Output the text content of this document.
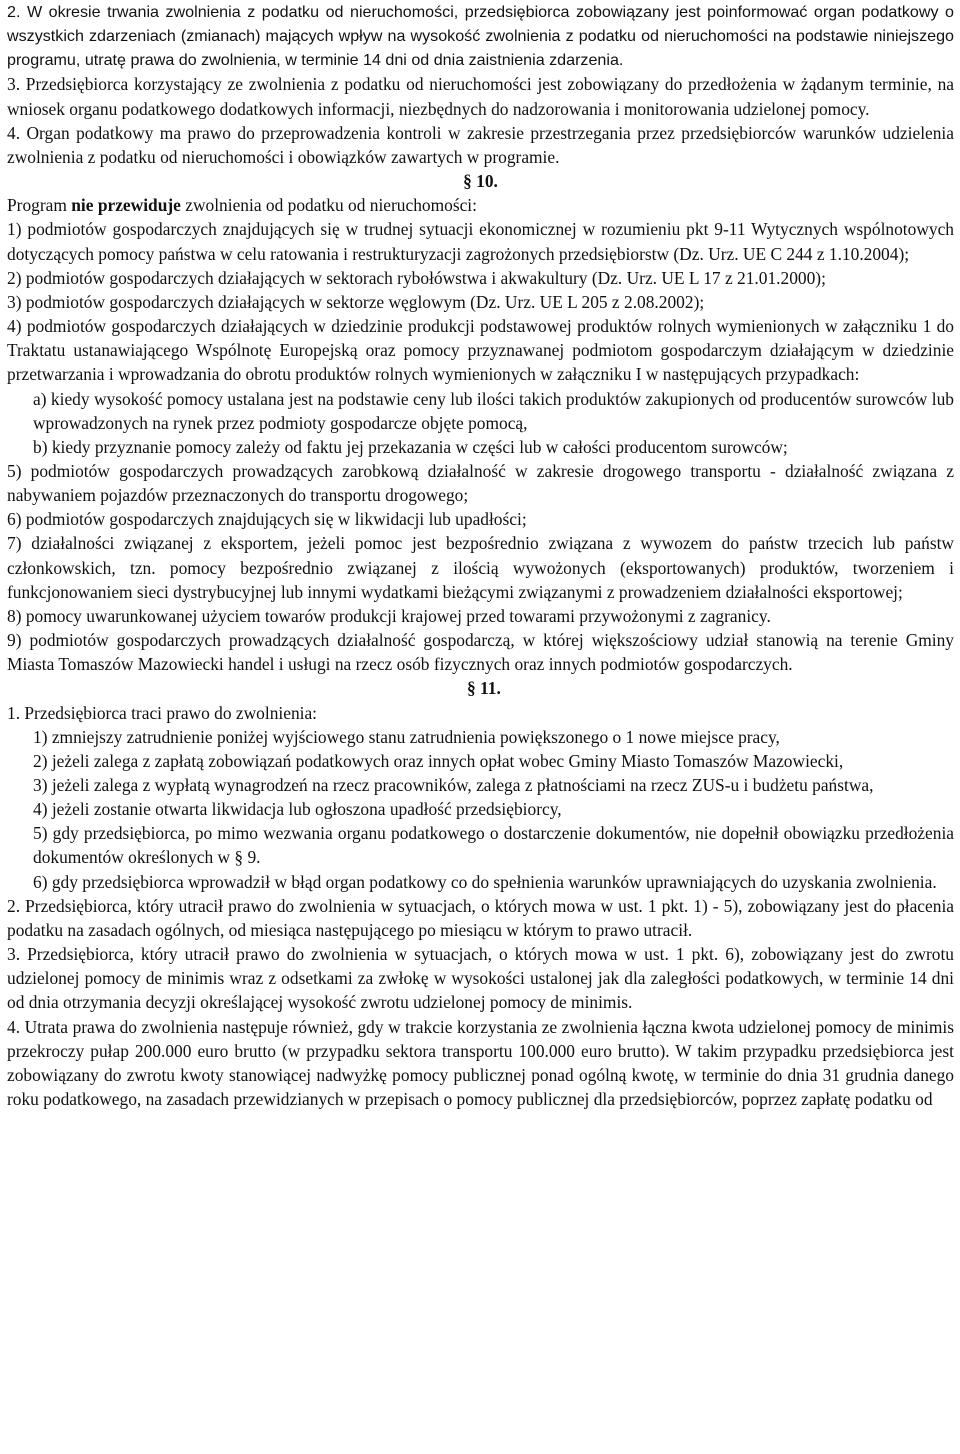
2. W okresie trwania zwolnienia z podatku od nieruchomości, przedsiębiorca zobowiązany jest poinformować organ podatkowy o wszystkich zdarzeniach (zmianach) mających wpływ na wysokość zwolnienia z podatku od nieruchomości na podstawie niniejszego programu, utratę prawa do zwolnienia, w terminie 14 dni od dnia zaistnienia zdarzenia.

3. Przedsiębiorca korzystający ze zwolnienia z podatku od nieruchomości jest zobowiązany do przedłożenia w żądanym terminie, na wniosek organu podatkowego dodatkowych informacji, niezbędnych do nadzorowania i monitorowania udzielonej pomocy.

4. Organ podatkowy ma prawo do przeprowadzenia kontroli w zakresie przestrzegania przez przedsiębiorców warunków udzielenia zwolnienia z podatku od nieruchomości i obowiązków zawartych w programie.

§ 10.

Program nie przewiduje zwolnienia od podatku od nieruchomości:

1) podmiotów gospodarczych znajdujących się w trudnej sytuacji ekonomicznej w rozumieniu pkt 9-11 Wytycznych wspólnotowych dotyczących pomocy państwa w celu ratowania i restrukturyzacji zagrożonych przedsiębiorstw (Dz. Urz. UE C 244 z 1.10.2004);

2) podmiotów gospodarczych działających w sektorach rybołówstwa i akwakultury (Dz. Urz. UE L 17 z 21.01.2000);

3) podmiotów gospodarczych działających w sektorze węglowym (Dz. Urz. UE L 205 z 2.08.2002);

4) podmiotów gospodarczych działających w dziedzinie produkcji podstawowej produktów rolnych wymienionych w załączniku 1 do Traktatu ustanawiającego Wspólnotę Europejską oraz pomocy przyznawanej podmiotom gospodarczym działającym w dziedzinie przetwarzania i wprowadzania do obrotu produktów rolnych wymienionych w załączniku I w następujących przypadkach:

a) kiedy wysokość pomocy ustalana jest na podstawie ceny lub ilości takich produktów zakupionych od producentów surowców lub wprowadzonych na rynek przez podmioty gospodarcze objęte pomocą,

b) kiedy przyznanie pomocy zależy od faktu jej przekazania w części lub w całości producentom surowców;

5) podmiotów gospodarczych prowadzących zarobkową działalność w zakresie drogowego transportu - działalność związana z nabywaniem pojazdów przeznaczonych do transportu drogowego;

6) podmiotów gospodarczych znajdujących się w likwidacji lub upadłości;

7) działalności związanej z eksportem, jeżeli pomoc jest bezpośrednio związana z wywozem do państw trzecich lub państw członkowskich, tzn. pomocy bezpośrednio związanej z ilością wywożonych (eksportowanych) produktów, tworzeniem i funkcjonowaniem sieci dystrybucyjnej lub innymi wydatkami bieżącymi związanymi z prowadzeniem działalności eksportowej;

8) pomocy uwarunkowanej użyciem towarów produkcji krajowej przed towarami przywożonymi z zagranicy.

9) podmiotów gospodarczych prowadzących działalność gospodarczą, w której większościowy udział stanowią na terenie Gminy Miasta Tomaszów Mazowiecki handel i usługi na rzecz osób fizycznych oraz innych podmiotów gospodarczych.

§ 11.

1. Przedsiębiorca traci prawo do zwolnienia:

1) zmniejszy zatrudnienie poniżej wyjściowego stanu zatrudnienia powiększonego o 1 nowe miejsce pracy,

2) jeżeli zalega z zapłatą zobowiązań podatkowych oraz innych opłat wobec Gminy Miasto Tomaszów Mazowiecki,

3) jeżeli zalega z wypłatą wynagrodzeń na rzecz pracowników, zalega z płatnościami na rzecz ZUS-u i budżetu państwa,

4) jeżeli zostanie otwarta likwidacja lub ogłoszona upadłość przedsiębiorcy,

5) gdy przedsiębiorca, po mimo wezwania organu podatkowego o dostarczenie dokumentów, nie dopełnił obowiązku przedłożenia dokumentów określonych w § 9.

6) gdy przedsiębiorca wprowadził w błąd organ podatkowy co do spełnienia warunków uprawniających do uzyskania zwolnienia.

2. Przedsiębiorca, który utracił prawo do zwolnienia w sytuacjach, o których mowa w ust. 1 pkt. 1) - 5), zobowiązany jest do płacenia podatku na zasadach ogólnych, od miesiąca następującego po miesiącu w którym to prawo utracił.

3. Przedsiębiorca, który utracił prawo do zwolnienia w sytuacjach, o których mowa w ust. 1 pkt. 6), zobowiązany jest do zwrotu udzielonej pomocy de minimis wraz z odsetkami za zwłokę w wysokości ustalonej jak dla zaległości podatkowych, w terminie 14 dni od dnia otrzymania decyzji określającej wysokość zwrotu udzielonej pomocy de minimis.

4. Utrata prawa do zwolnienia następuje również, gdy w trakcie korzystania ze zwolnienia łączna kwota udzielonej pomocy de minimis przekroczy pułap 200.000 euro brutto (w przypadku sektora transportu 100.000 euro brutto). W takim przypadku przedsiębiorca jest zobowiązany do zwrotu kwoty stanowiącej nadwyżkę pomocy publicznej ponad ogólną kwotę, w terminie do dnia 31 grudnia danego roku podatkowego, na zasadach przewidzianych w przepisach o pomocy publicznej dla przedsiębiorców, poprzez zapłatę podatku od
